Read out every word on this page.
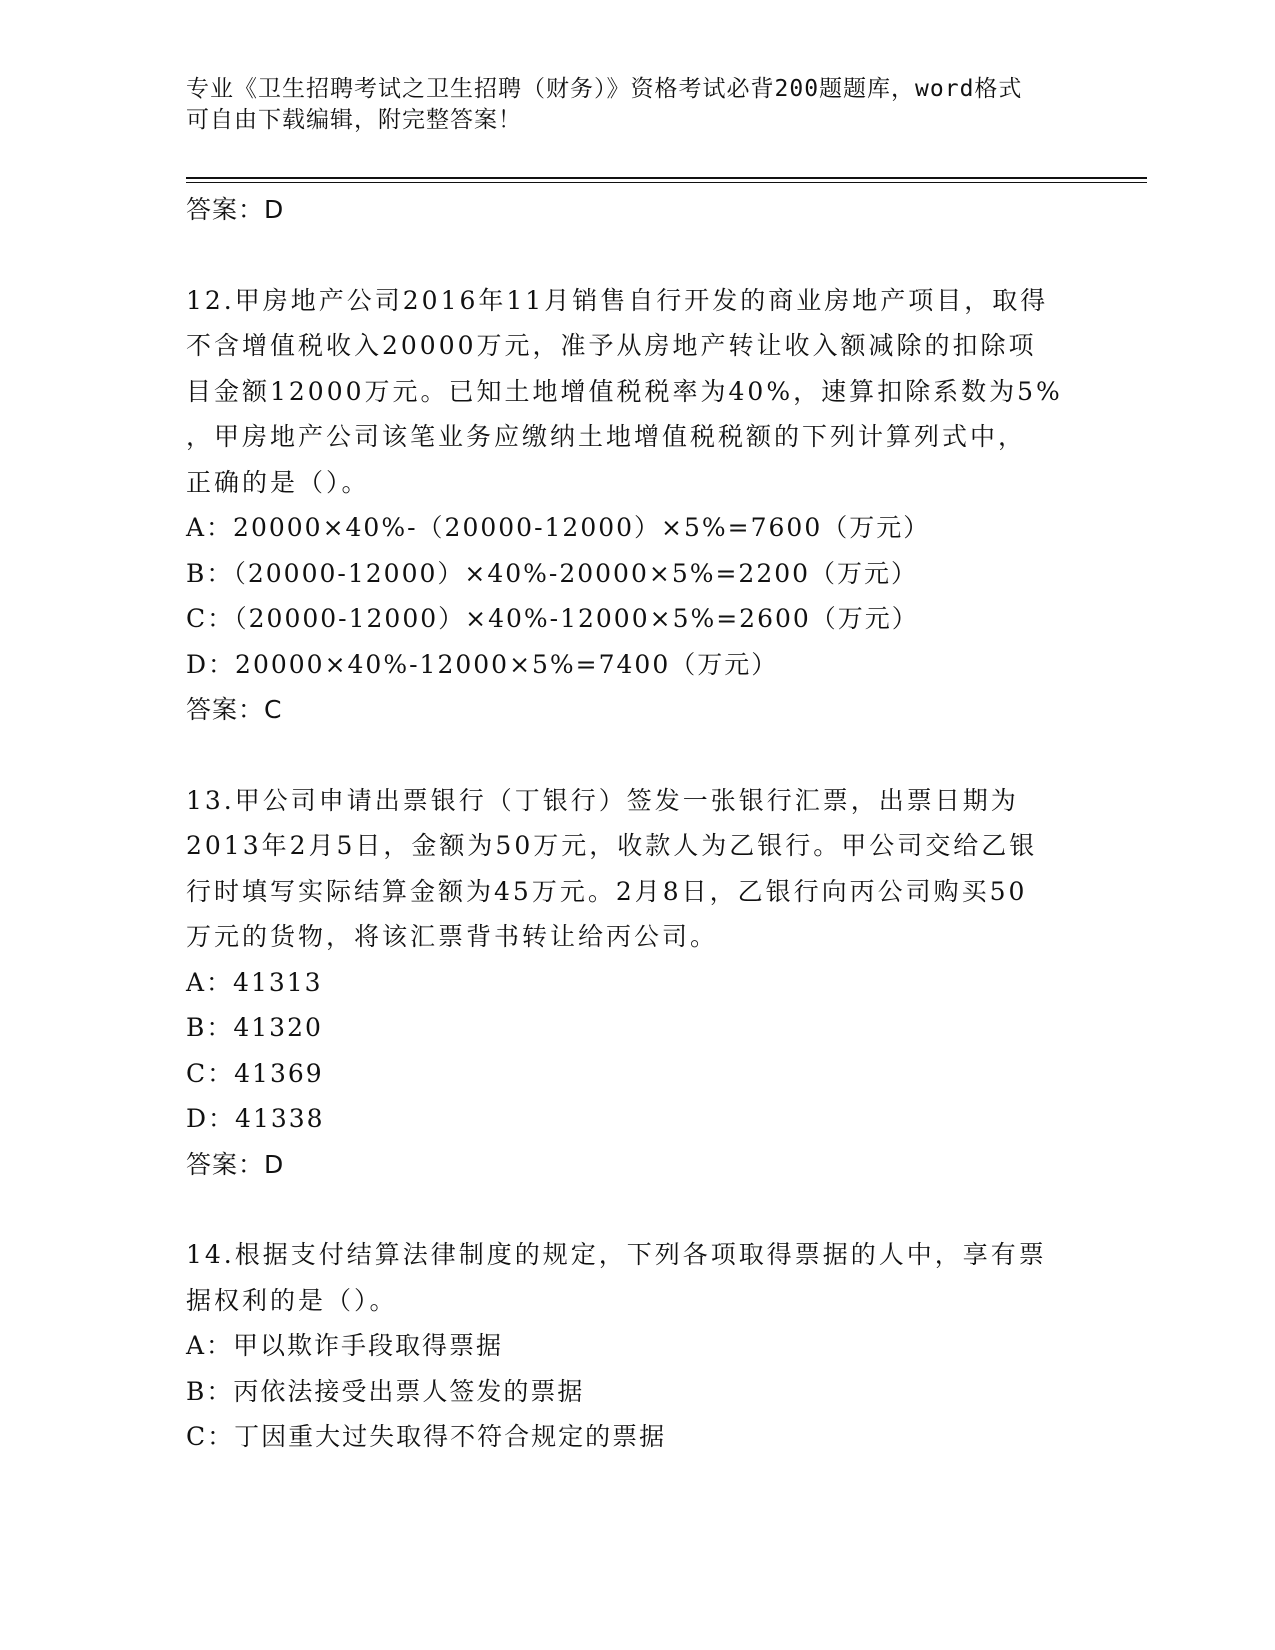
专业《卫生招聘考试之卫生招聘（财务）》资格考试必背200题题库，word格式
可自由下载编辑，附完整答案！
答案：D
12.甲房地产公司2016年11月销售自行开发的商业房地产项目，取得
不含增值税收入20000万元，准予从房地产转让收入额减除的扣除项
目金额12000万元。已知土地增值税税率为40%，速算扣除系数为5%
，甲房地产公司该笔业务应缴纳土地增值税税额的下列计算列式中，
正确的是（）。
A：20000×40%-（20000-12000）×5%=7600（万元）
B：（20000-12000）×40%-20000×5%=2200（万元）
C：（20000-12000）×40%-12000×5%=2600（万元）
D：20000×40%-12000×5%=7400（万元）
答案：C
13.甲公司申请出票银行（丁银行）签发一张银行汇票，出票日期为
2013年2月5日，金额为50万元，收款人为乙银行。甲公司交给乙银
行时填写实际结算金额为45万元。2月8日，乙银行向丙公司购买50
万元的货物，将该汇票背书转让给丙公司。
A：41313
B：41320
C：41369
D：41338
答案：D
14.根据支付结算法律制度的规定，下列各项取得票据的人中，享有票
据权利的是（）。
A：甲以欺诈手段取得票据
B：丙依法接受出票人签发的票据
C：丁因重大过失取得不符合规定的票据
